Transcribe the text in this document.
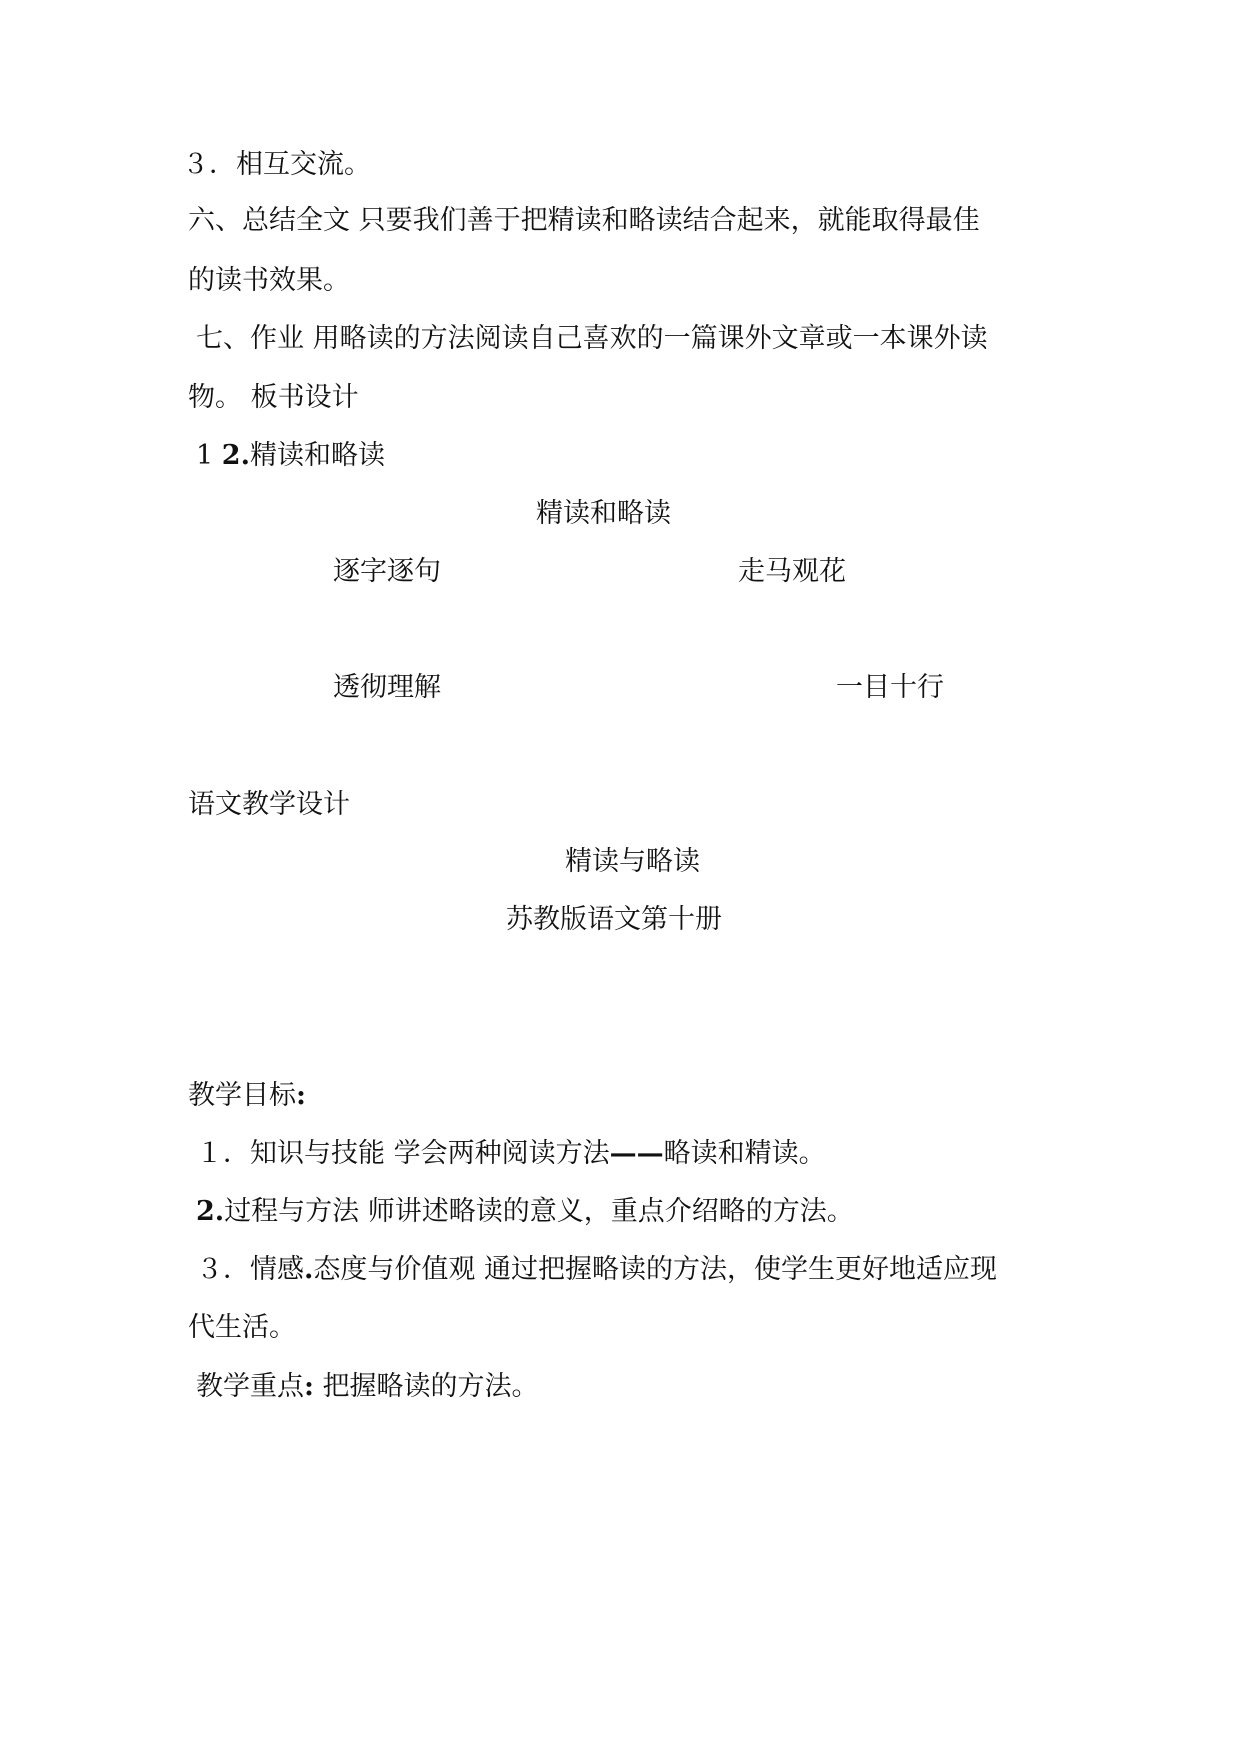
３．相互交流。

六、总结全文 只要我们善于把精读和略读结合起来，就能取得最佳

的读书效果。

七、作业 用略读的方法阅读自己喜欢的一篇课外文章或一本课外读

物。 板书设计

1 2.精读和略读

精读和略读

逐字逐句	走马观花

透彻理解	一目十行

语文教学设计

精读与略读

苏教版语文第十册

教学目标:

１．知识与技能 学会两种阅读方法——略读和精读。

2.过程与方法 师讲述略读的意义，重点介绍略的方法。

３．情感.态度与价值观 通过把握略读的方法，使学生更好地适应现

代生活。

教学重点: 把握略读的方法。
